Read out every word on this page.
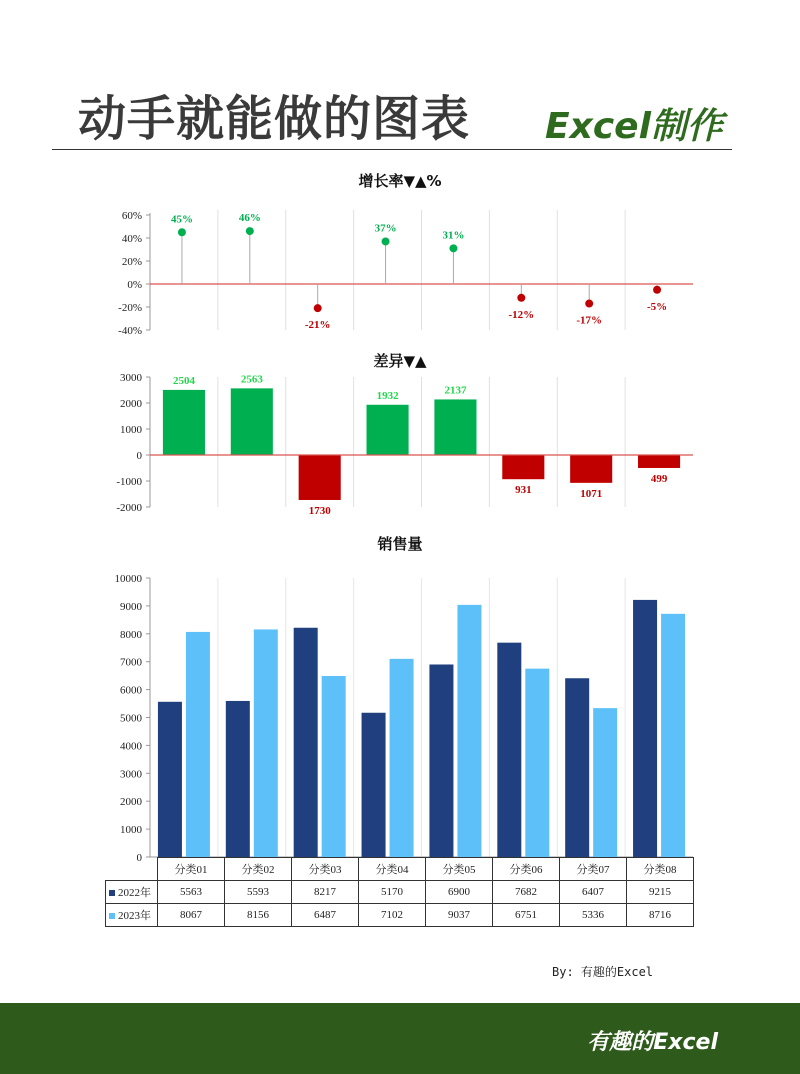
动手就能做的图表 Excel制作
增长率▼▲%
60%
40%
20%
0%
-20%
-40%
45%	46%
-21%
37%
31%
-12%	-17%
-5%
差异▼▲
3000
2000
1000
0
-1000
-2000
2504	2563
1730
1932	2137
931	1071
499
销售量
10000
9000
8000
7000
6000
5000
4000
3000
2000
1000
0
	分类01	分类02	分类03	分类04	分类05	分类06	分类07	分类08
2022年	5563	5593	8217	5170	6900	7682	6407	9215
2023年	8067	8156	6487	7102	9037	6751	5336	8716
By: 有趣的Excel
有趣的Excel
